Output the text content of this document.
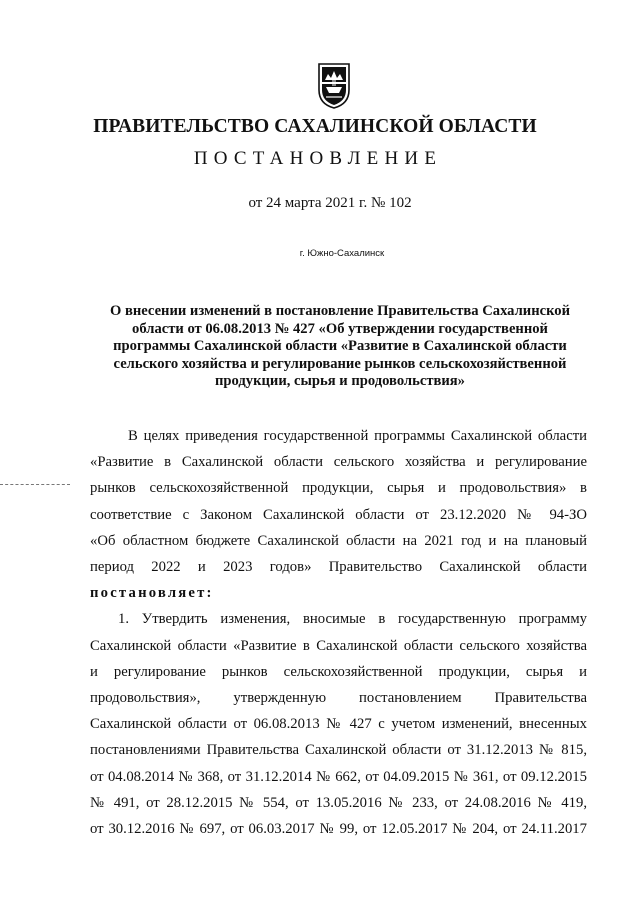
ПРАВИТЕЛЬСТВО САХАЛИНСКОЙ ОБЛАСТИ
ПОСТАНОВЛЕНИЕ
от 24 марта 2021 г. № 102
г. Южно-Сахалинск
О внесении изменений в постановление Правительства Сахалинской
области от 06.08.2013 № 427 «Об утверждении государственной
программы Сахалинской области «Развитие в Сахалинской области
сельского хозяйства и регулирование рынков сельскохозяйственной
продукции, сырья и продовольствия»
В целях приведения государственной программы Сахалинской области
«Развитие в Сахалинской области сельского хозяйства и регулирование
рынков сельскохозяйственной продукции, сырья и продовольствия» в
соответствие с Законом Сахалинской области от 23.12.2020 № 94-ЗО
«Об областном бюджете Сахалинской области на 2021 год и на плановый
период 2022 и 2023 годов» Правительство Сахалинской области
постановляет:
1. Утвердить изменения, вносимые в государственную программу
Сахалинской области «Развитие в Сахалинской области сельского хозяйства
и регулирование рынков сельскохозяйственной продукции, сырья и
продовольствия», утвержденную постановлением Правительства
Сахалинской области от 06.08.2013 № 427 с учетом изменений, внесенных
постановлениями Правительства Сахалинской области от 31.12.2013 № 815,
от 04.08.2014 № 368, от 31.12.2014 № 662, от 04.09.2015 № 361, от 09.12.2015
№ 491, от 28.12.2015 № 554, от 13.05.2016 № 233, от 24.08.2016 № 419,
от 30.12.2016 № 697, от 06.03.2017 № 99, от 12.05.2017 № 204, от 24.11.2017
